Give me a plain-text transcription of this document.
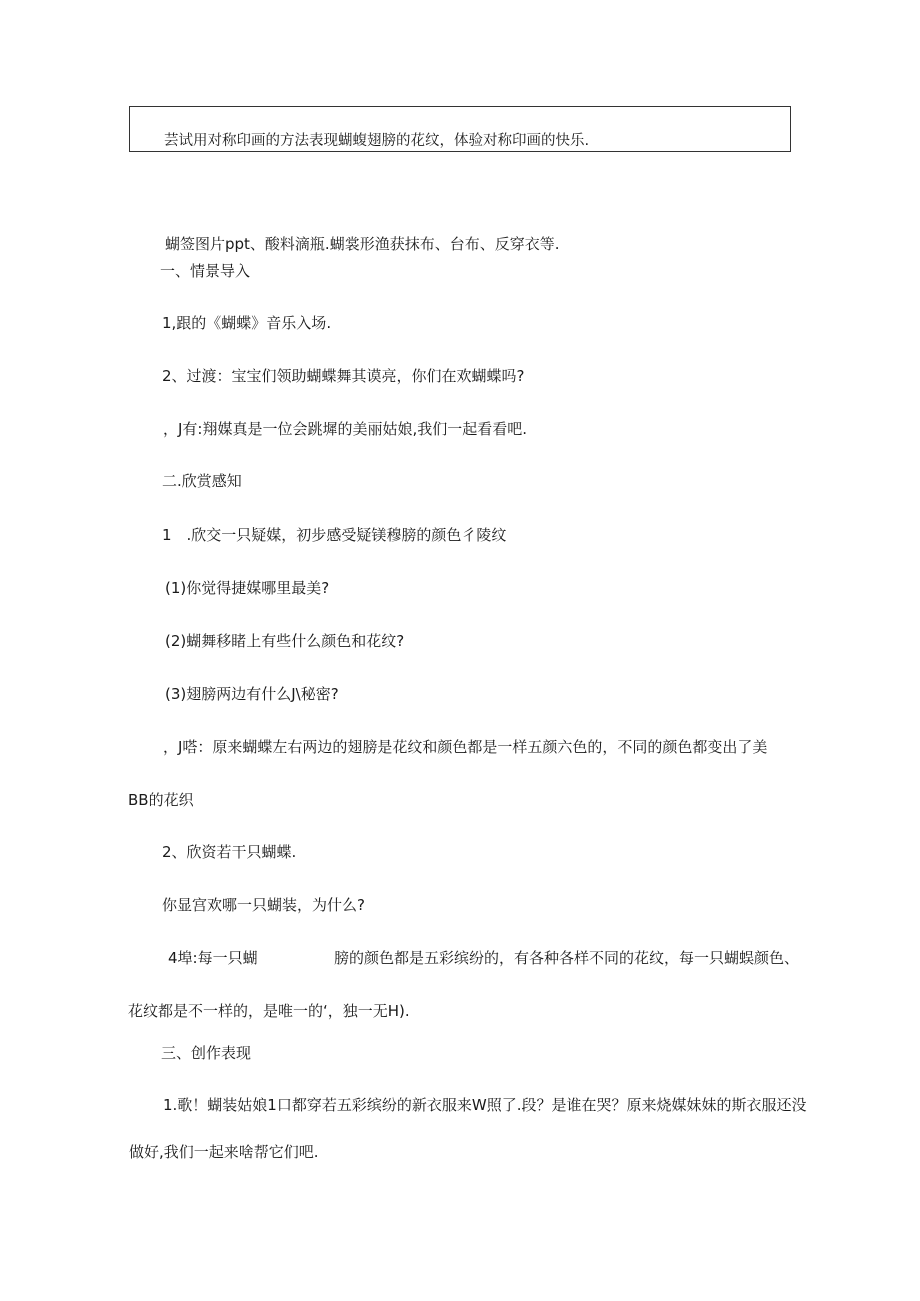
芸试用对称印画的方法表现蝴蝮翅膀的花纹，体验对称印画的快乐.
蝴签图片ppt、酸料滴瓶.蝴裳形渔获抹布、台布、反穿衣等.
一、情景导入
1,跟的《蝴蝶》音乐入场.
2、过渡：宝宝们领助蝴蝶舞其谟亮，你们在欢蝴蝶吗?
，J有:翔媒真是一位会跳墀的美丽姑娘,我们一起看看吧.
二.欣赏感知
1　.欣交一只疑媒，初步感受疑镁穆膀的颜色彳陵纹
(1)你觉得捷媒哪里最美?
(2)蝴舞移睹上有些什么颜色和花纹?
(3)翅膀两边有什么J\秘密?
，J嗒：原来蝴蝶左右两边的翅膀是花纹和颜色都是一样五颜六色的，不同的颜色都变出了美
BB的花织
2、欣资若干只蝴蝶.
你显宫欢哪一只蝴装，为什么?
4埠:每一只蝴	膀的颜色都是五彩缤纷的，有各种各样不同的花纹，每一只蝴蜈颜色、
花纹都是不一样的，是唯一的‘，独一无H).
三、创作表现
1.歌！蝴装姑娘1口都穿若五彩缤纷的新衣服来W照了.段？是谁在哭？原来烧媒妹妹的斯衣服还没
做好,我们一起来啥帮它们吧.
